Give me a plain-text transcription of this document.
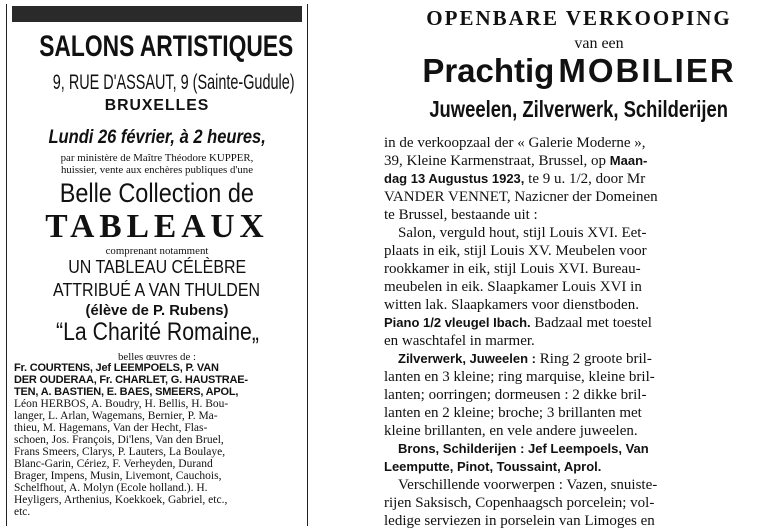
SALONS ARTISTIQUES
9, RUE D'ASSAUT, 9 (Sainte-Gudule)
BRUXELLES
Lundi 26 février, à 2 heures,
par ministère de Maître Théodore KUPPER,
huissier, vente aux enchères publiques d'une
Belle Collection de
TABLEAUX
comprenant notamment
UN TABLEAU CÉLÈBRE
ATTRIBUÉ A VAN THULDEN
(élève de P. Rubens)
“La Charité Romaine„
belles œuvres de :
Fr. COURTENS, Jef LEEMPOELS, P. VAN
DER OUDERAA, Fr. CHARLET, G. HAUSTRAE-
TEN, A. BASTIEN, E. BAES, SMEERS, APOL,
Léon HERBOS, A. Boudry, H. Bellis, H. Bou-
langer, L. Arlan, Wagemans, Bernier, P. Ma-
thieu, M. Hagemans, Van der Hecht, Flas-
schoen, Jos. François, Di'lens, Van den Bruel,
Frans Smeers, Clarys, P. Lauters, La Boulaye,
Blanc-Garin, Cériez, F. Verheyden, Durand
Brager, Impens, Musin, Livemont, Cauchois,
Schelfhout, A. Molyn (Ecole holland.). H.
Heyligers, Arthenius, Koekkoek, Gabriel, etc.,
etc.
OPENBARE VERKOOPING
van een
Prachtig MOBILIER
Juweelen, Zilverwerk, Schilderijen
in de verkoopzaal der « Galerie Moderne »,
39, Kleine Karmenstraat, Brussel, op Maan-
dag 13 Augustus 1923, te 9 u. 1/2, door Mr
VANDER VENNET, Nazicner der Domeinen
te Brussel, bestaande uit :
Salon, verguld hout, stijl Louis XVI. Eet-
plaats in eik, stijl Louis XV. Meubelen voor
rookkamer in eik, stijl Louis XVI. Bureau-
meubelen in eik. Slaapkamer Louis XVI in
witten lak. Slaapkamers voor dienstboden.
Piano 1/2 vleugel Ibach. Badzaal met toestel
en waschtafel in marmer.
Zilverwerk, Juweelen : Ring 2 groote bril-
lanten en 3 kleine; ring marquise, kleine bril-
lanten; oorringen; dormeusen : 2 dikke bril-
lanten en 2 kleine; broche; 3 brillanten met
kleine brillanten, en vele andere juweelen.
Brons, Schilderijen : Jef Leempoels, Van
Leemputte, Pinot, Toussaint, Aprol.
Verschillende voorwerpen : Vazen, snuiste-
rijen Saksisch, Copenhaagsch porcelein; vol-
ledige serviezen in porselein van Limoges en
